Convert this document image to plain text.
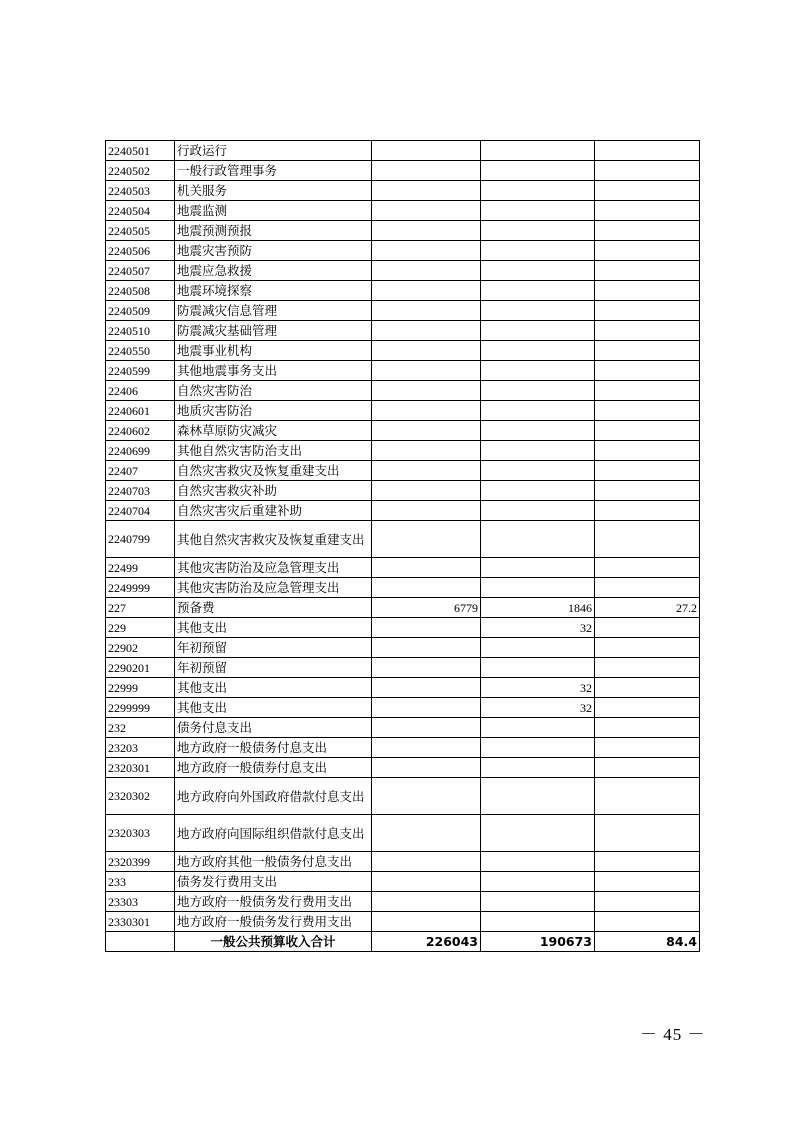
2240501	行政运行			
2240502	一般行政管理事务			
2240503	机关服务			
2240504	地震监测			
2240505	地震预测预报			
2240506	地震灾害预防			
2240507	地震应急救援			
2240508	地震环境探察			
2240509	防震减灾信息管理			
2240510	防震减灾基础管理			
2240550	地震事业机构			
2240599	其他地震事务支出			
22406	自然灾害防治			
2240601	地质灾害防治			
2240602	森林草原防灾减灾			
2240699	其他自然灾害防治支出			
22407	自然灾害救灾及恢复重建支出			
2240703	自然灾害救灾补助			
2240704	自然灾害灾后重建补助			
2240799	其他自然灾害救灾及恢复重建支出			
22499	其他灾害防治及应急管理支出			
2249999	其他灾害防治及应急管理支出			
227	预备费	6779	1846	27.2
229	其他支出		32	
22902	年初预留			
2290201	年初预留			
22999	其他支出		32	
2299999	其他支出		32	
232	债务付息支出			
23203	地方政府一般债务付息支出			
2320301	地方政府一般债券付息支出			
2320302	地方政府向外国政府借款付息支出			
2320303	地方政府向国际组织借款付息支出			
2320399	地方政府其他一般债务付息支出			
233	债务发行费用支出			
23303	地方政府一般债务发行费用支出			
2330301	地方政府一般债务发行费用支出			
	一般公共预算收入合计	226043	190673	84.4
－ 45 －
